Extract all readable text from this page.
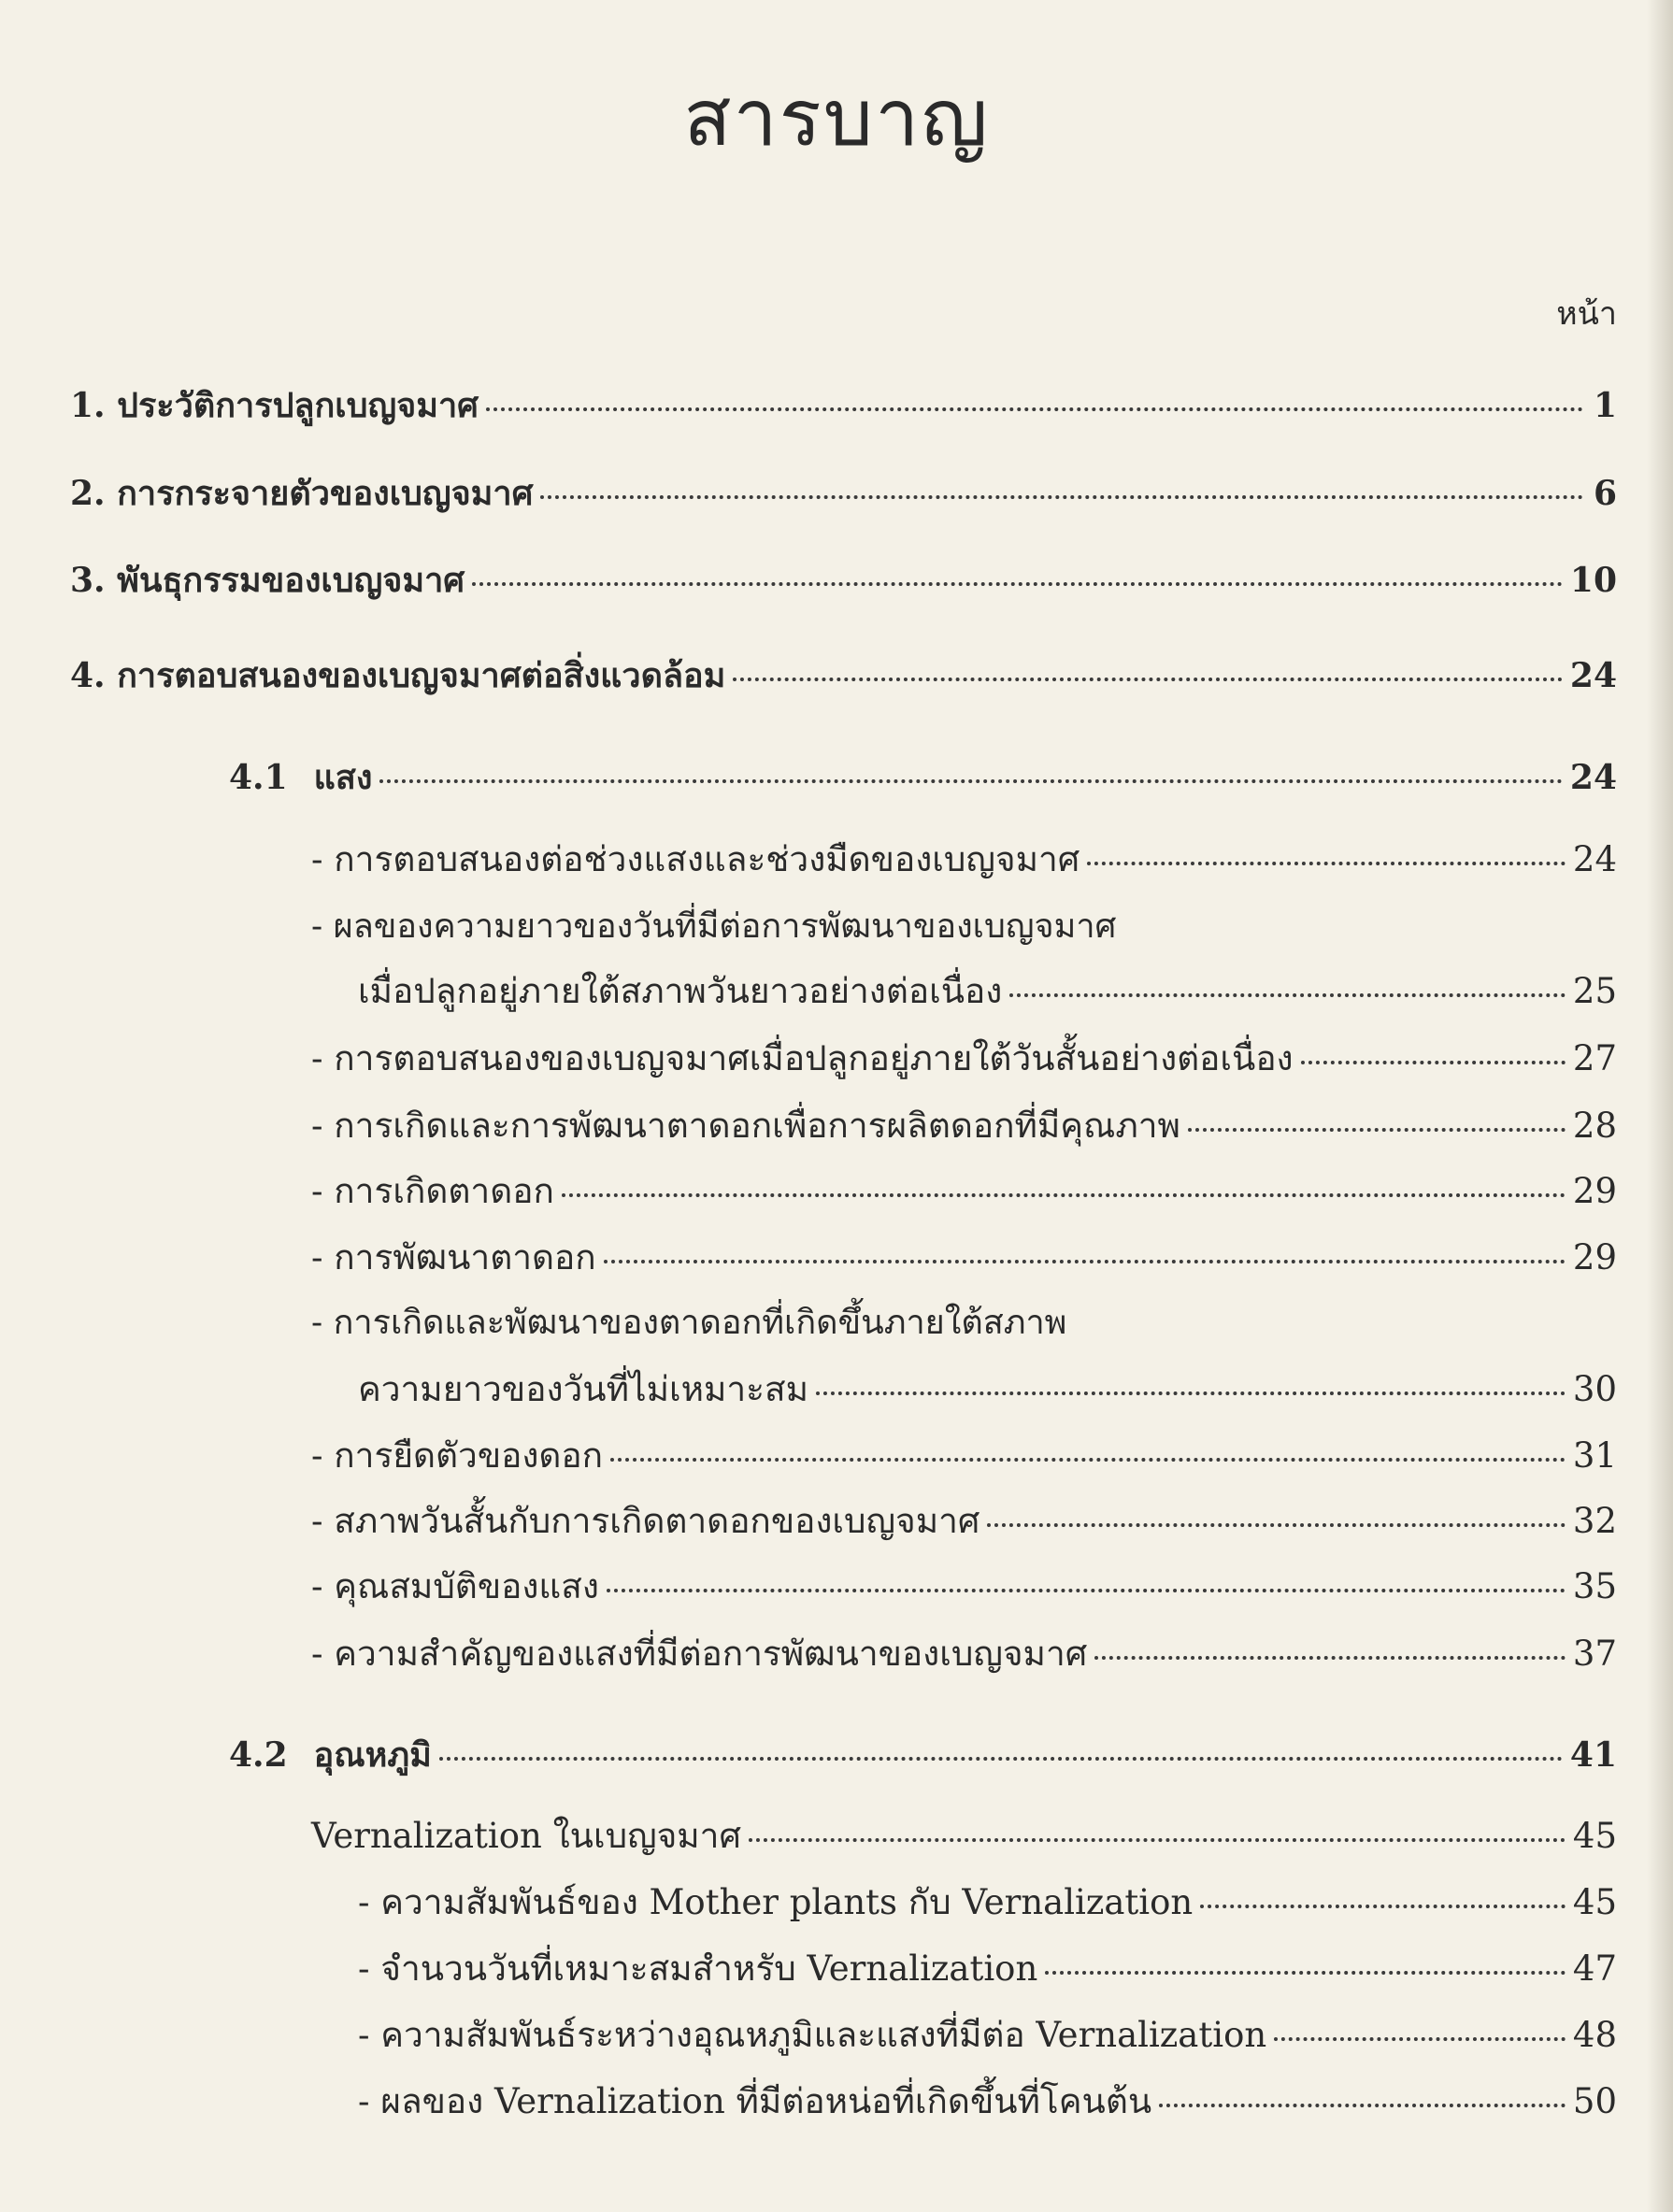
สารบาญ
หน้า
1. ประวัติการปลูกเบญจมาศ	1
2. การกระจายตัวของเบญจมาศ	6
3. พันธุกรรมของเบญจมาศ	10
4. การตอบสนองของเบญจมาศต่อสิ่งแวดล้อม	24
4.1 แสง	24
- การตอบสนองต่อช่วงแสงและช่วงมืดของเบญจมาศ	24
- ผลของความยาวของวันที่มีต่อการพัฒนาของเบญจมาศ
เมื่อปลูกอยู่ภายใต้สภาพวันยาวอย่างต่อเนื่อง	25
- การตอบสนองของเบญจมาศเมื่อปลูกอยู่ภายใต้วันสั้นอย่างต่อเนื่อง	27
- การเกิดและการพัฒนาตาดอกเพื่อการผลิตดอกที่มีคุณภาพ	28
- การเกิดตาดอก	29
- การพัฒนาตาดอก	29
- การเกิดและพัฒนาของตาดอกที่เกิดขึ้นภายใต้สภาพ
ความยาวของวันที่ไม่เหมาะสม	30
- การยืดตัวของดอก	31
- สภาพวันสั้นกับการเกิดตาดอกของเบญจมาศ	32
- คุณสมบัติของแสง	35
- ความสำคัญของแสงที่มีต่อการพัฒนาของเบญจมาศ	37
4.2 อุณหภูมิ	41
Vernalization ในเบญจมาศ	45
- ความสัมพันธ์ของ Mother plants กับ Vernalization	45
- จำนวนวันที่เหมาะสมสำหรับ Vernalization	47
- ความสัมพันธ์ระหว่างอุณหภูมิและแสงที่มีต่อ Vernalization	48
- ผลของ Vernalization ที่มีต่อหน่อที่เกิดขึ้นที่โคนต้น	50
